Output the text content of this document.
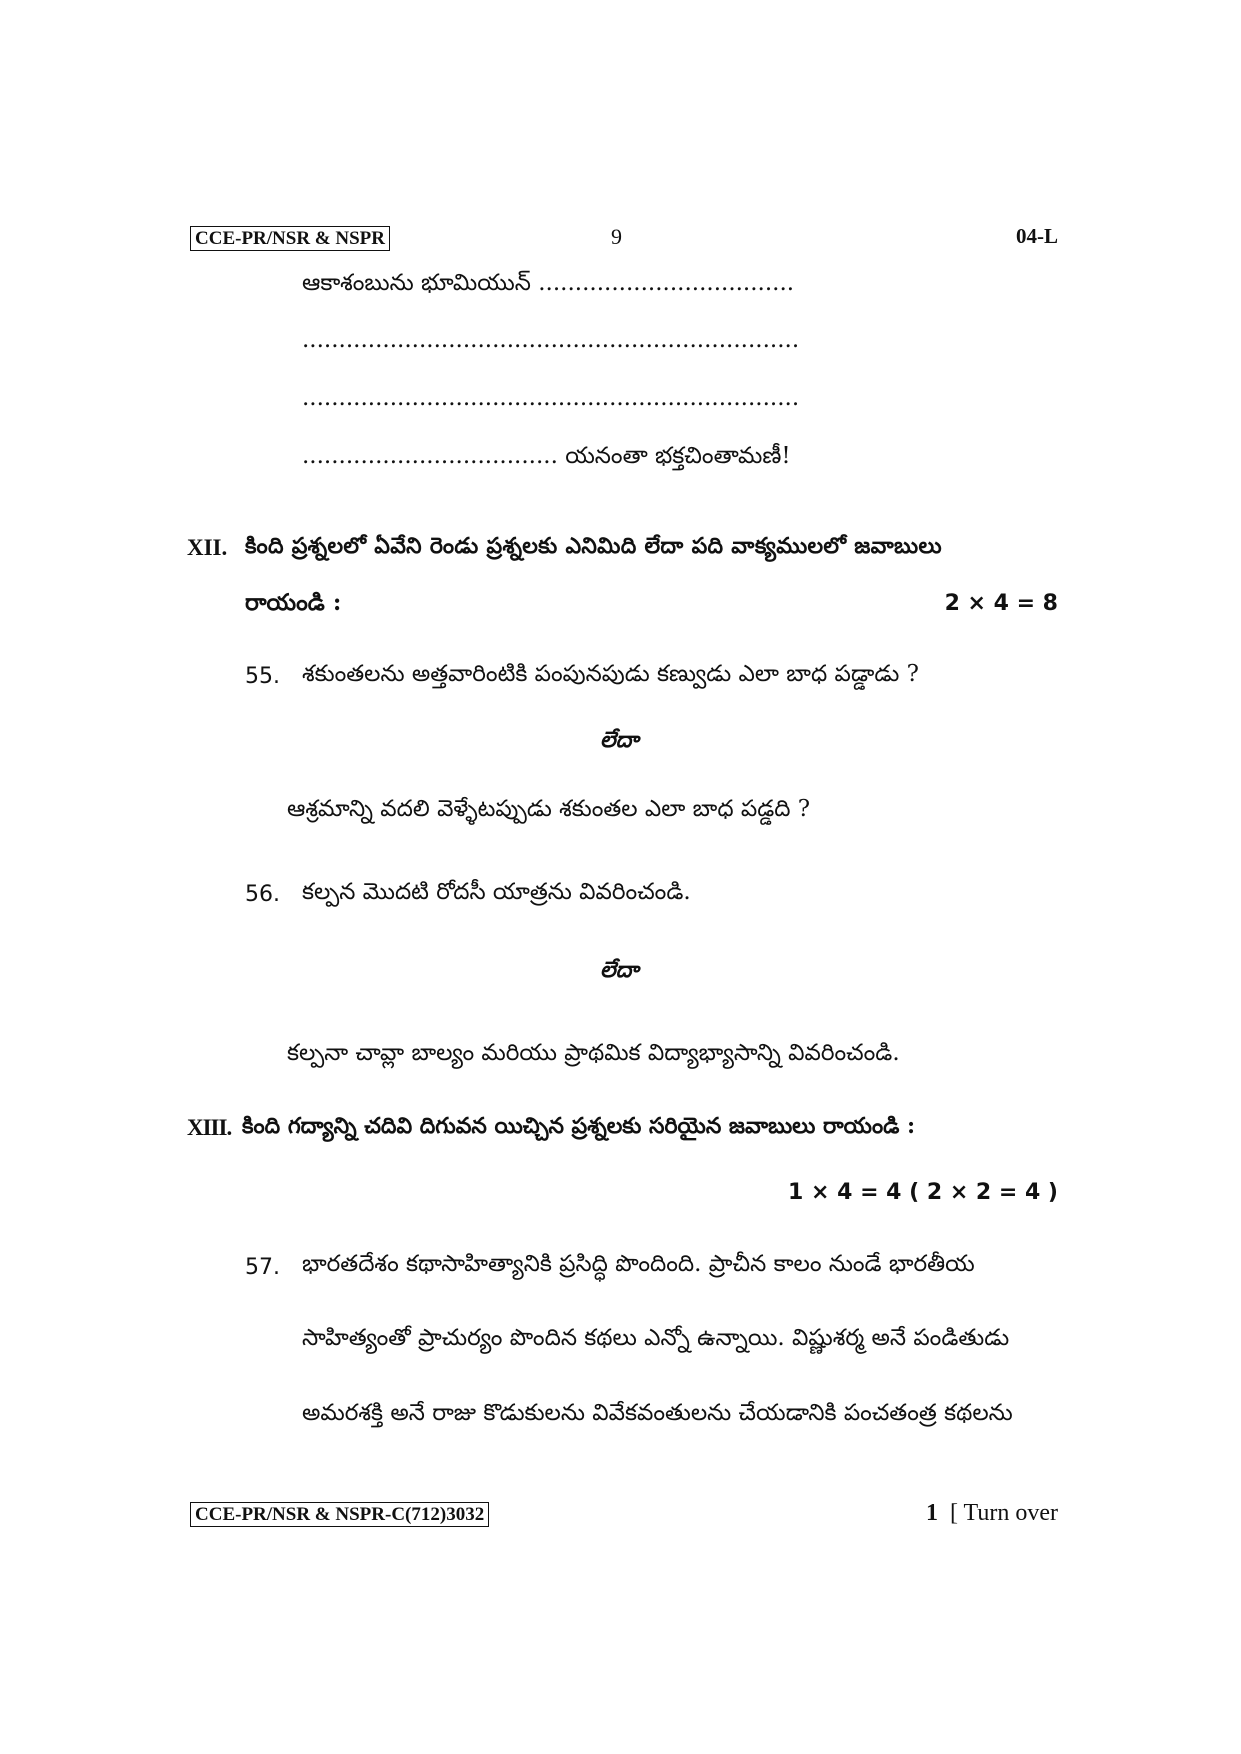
CCE-PR/NSR & NSPR	9	04-L
ఆకాశంబును భూమియున్ ...................................
....................................................................
....................................................................
................................... యనంతా భక్తచింతామణీ!
XII. కింది ప్రశ్నలలో ఏవేని రెండు ప్రశ్నలకు ఎనిమిది లేదా పది వాక్యములలో జవాబులు
రాయండి :	2 × 4 = 8
55. శకుంతలను అత్తవారింటికి పంపునపుడు కణ్వుడు ఎలా బాధ పడ్డాడు ?
లేదా
ఆశ్రమాన్ని వదలి వెళ్ళేటప్పుడు శకుంతల ఎలా బాధ పడ్డది ?
56. కల్పన మొదటి రోదసీ యాత్రను వివరించండి.
లేదా
కల్పనా చావ్లా బాల్యం మరియు ప్రాథమిక విద్యాభ్యాసాన్ని వివరించండి.
XIII. కింది గద్యాన్ని చదివి దిగువన యిచ్చిన ప్రశ్నలకు సరియైన జవాబులు రాయండి :
1 × 4 = 4 ( 2 × 2 = 4 )
57. భారతదేశం కథాసాహిత్యానికి ప్రసిద్ధి పొందింది. ప్రాచీన కాలం నుండే భారతీయ
సాహిత్యంతో ప్రాచుర్యం పొందిన కథలు ఎన్నో ఉన్నాయి. విష్ణుశర్మ అనే పండితుడు
అమరశక్తి అనే రాజు కొడుకులను వివేకవంతులను చేయడానికి పంచతంత్ర కథలను
CCE-PR/NSR & NSPR-C(712)3032	1 [ Turn over
